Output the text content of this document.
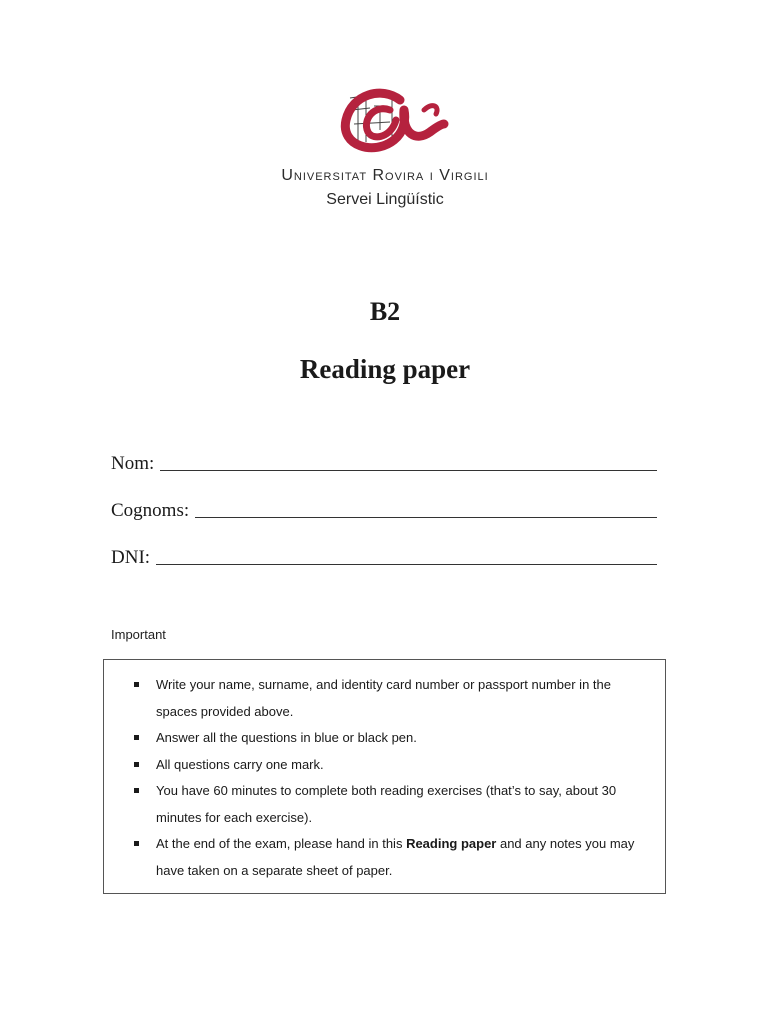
Universitat Rovira i Virgili
Servei Lingüístic
B2
Reading paper
Nom:
Cognoms:
DNI:
Important
Write your name, surname, and identity card number or passport number in the spaces provided above.
Answer all the questions in blue or black pen.
All questions carry one mark.
You have 60 minutes to complete both reading exercises (that’s to say, about 30 minutes for each exercise).
At the end of the exam, please hand in this Reading paper and any notes you may have taken on a separate sheet of paper.
